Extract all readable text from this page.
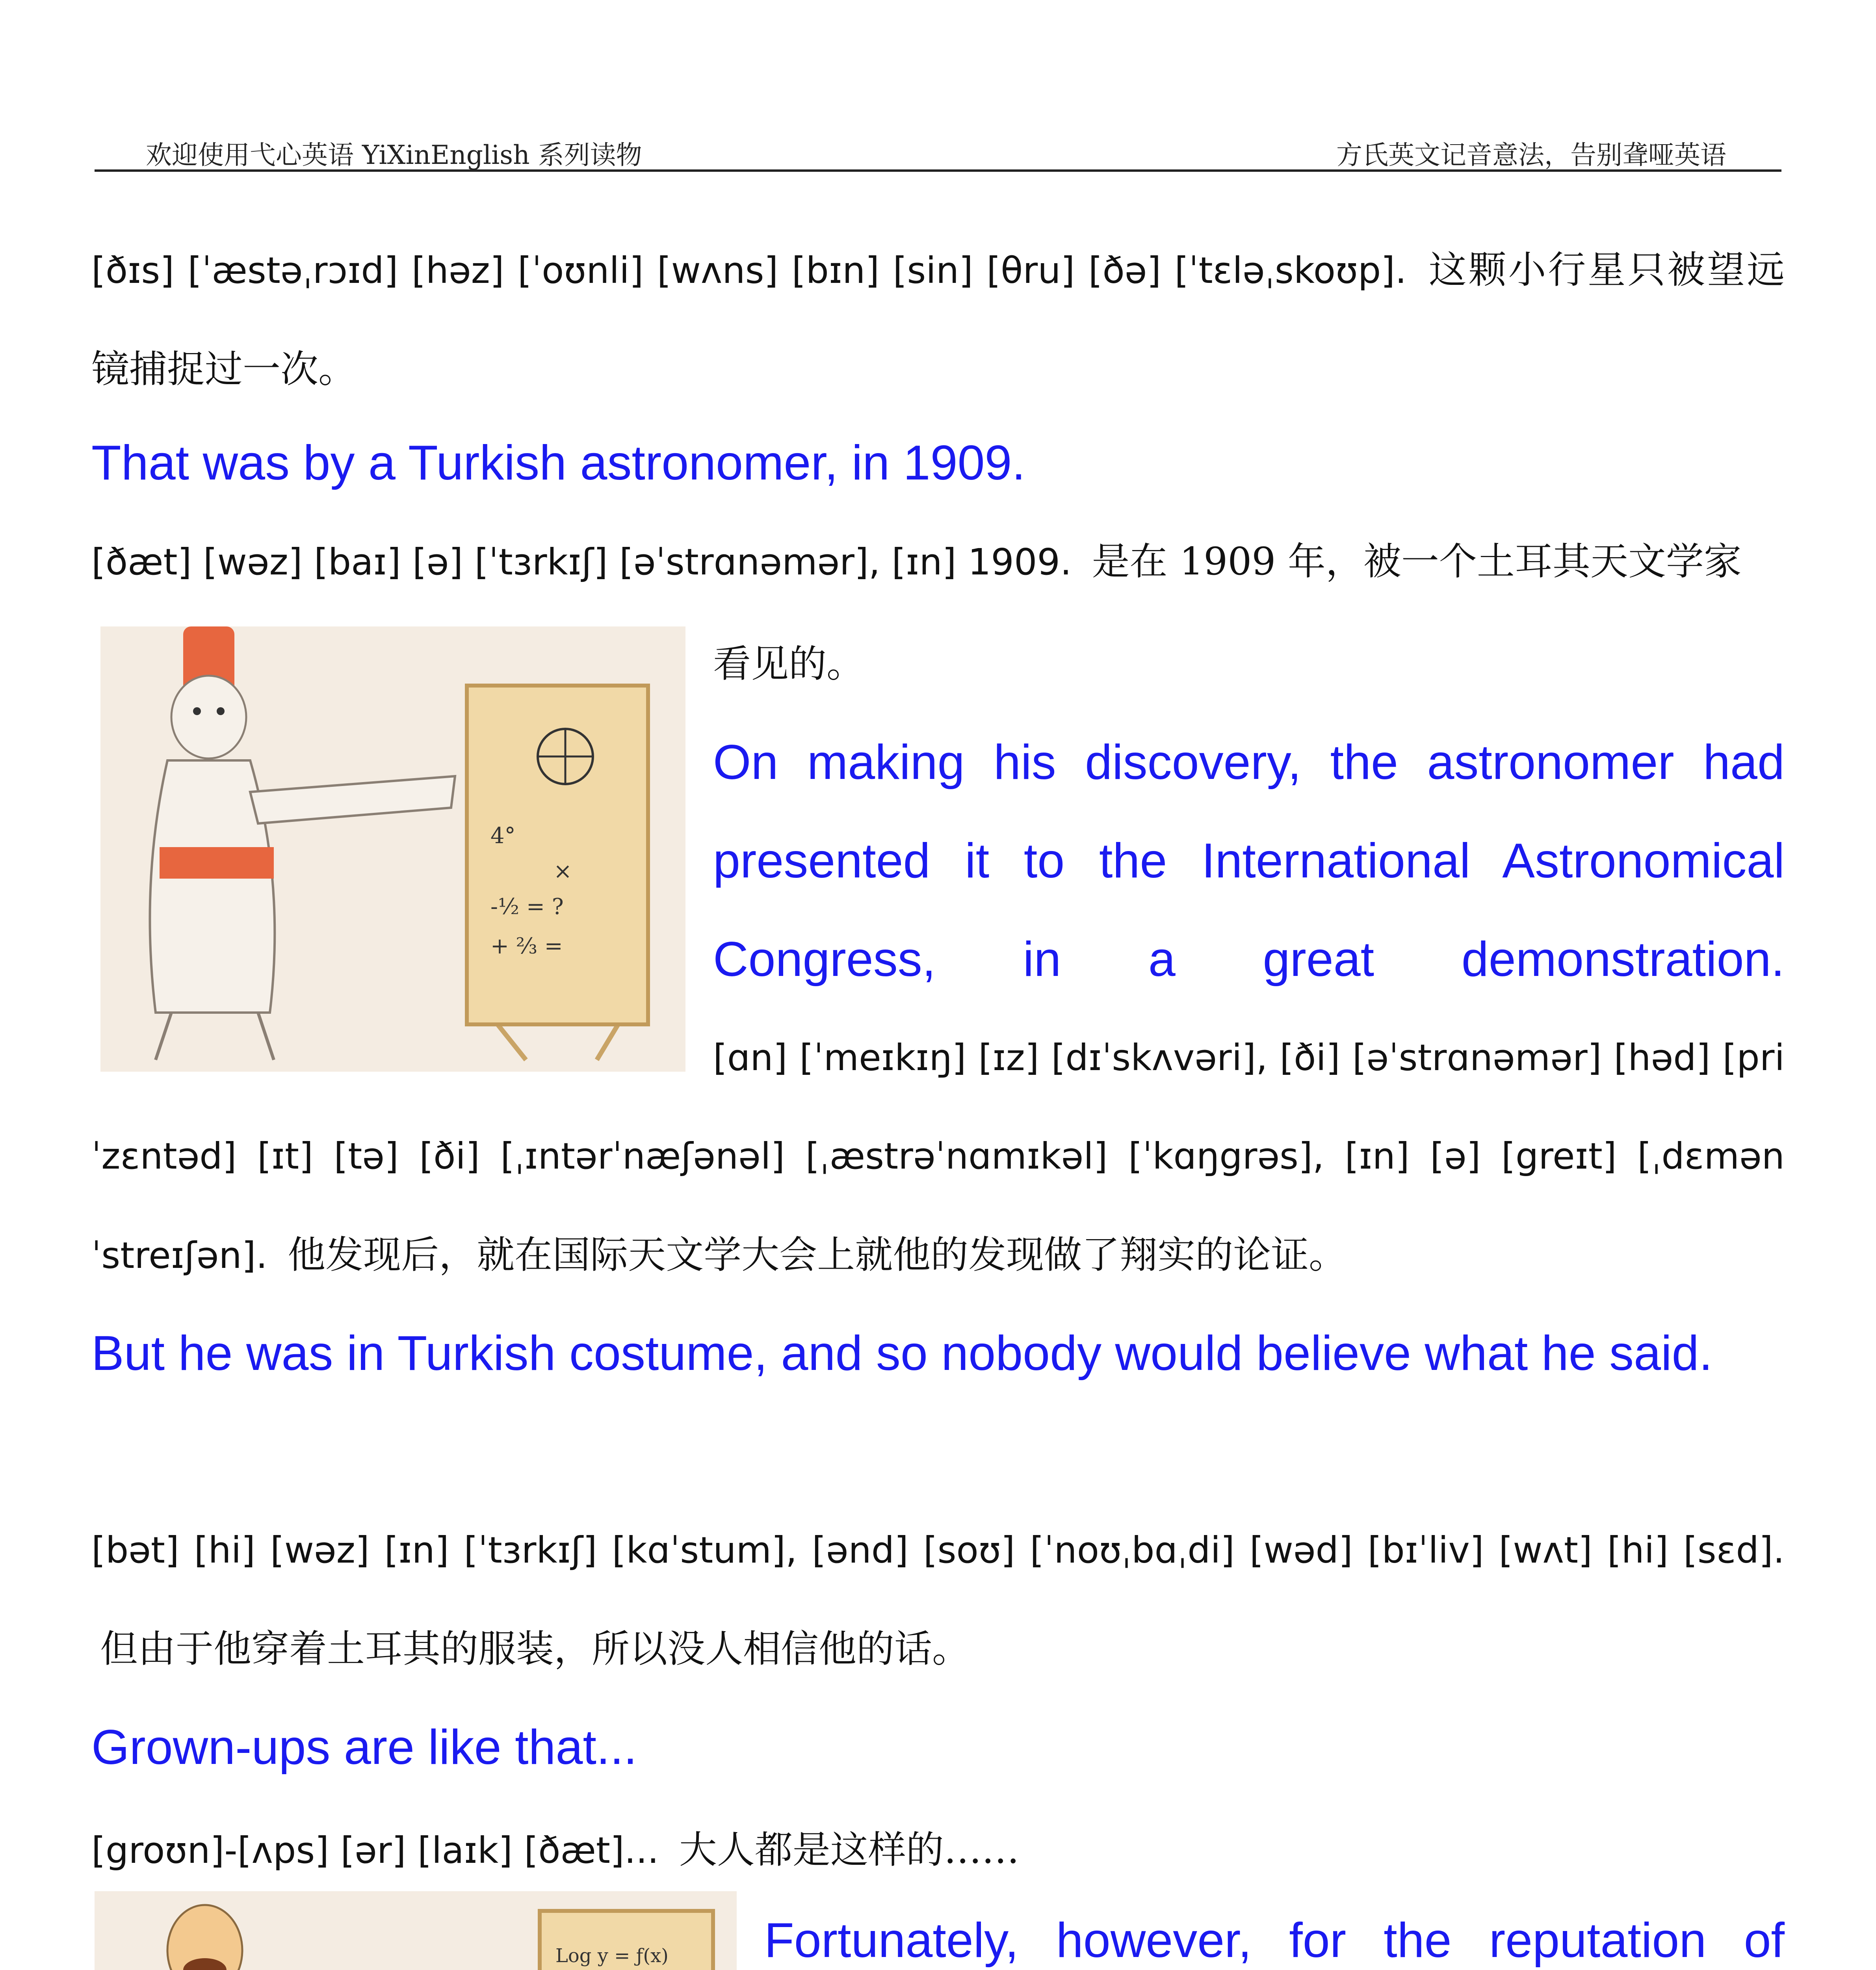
欢迎使用弋心英语 YiXinEnglish 系列读物	方氏英文记音意法，告别聋哑英语
[ðɪs] [ˈæstəˌrɔɪd] [həz] [ˈoʊnli] [wʌns] [bɪn] [sin] [θru] [ðə] [ˈtɛləˌskoʊp]. 这颗小行星只被望远镜捕捉过一次。
That was by a Turkish astronomer, in 1909.
[ðæt] [wəz] [baɪ] [ə] [ˈtɜrkɪʃ] [əˈstrɑnəmər], [ɪn] 1909. 是在 1909 年，被一个土耳其天文学家
4°
×
-½ = ?
+ ⅔ =
看见的。
On making his discovery, the astronomer had presented it to the International Astronomical Congress, in a great demonstration.
[ɑn] [ˈmeɪkɪŋ] [ɪz] [dɪˈskʌvəri], [ði] [əˈstrɑnəmər] [həd] [priˈzɛntəd] [ɪt] [tə] [ði] [ˌɪntərˈnæʃənəl] [ˌæstrəˈnɑmɪkəl] [ˈkɑŋgrəs], [ɪn] [ə] [greɪt] [ˌdɛmənˈstreɪʃən]. 他发现后，就在国际天文学大会上就他的发现做了翔实的论证。
But he was in Turkish costume, and so nobody would believe what he said.
[bət] [hi] [wəz] [ɪn] [ˈtɜrkɪʃ] [kɑˈstum], [ənd] [soʊ] [ˈnoʊˌbɑˌdi] [wəd] [bɪˈliv] [wʌt] [hi] [sɛd]. 但由于他穿着土耳其的服装，所以没人相信他的话。
Grown-ups are like that...
[groʊn]-[ʌps] [ər] [laɪk] [ðæt]... 大人都是这样的……
Log y = ƒ(x) Fortunately, however, for the reputation of
